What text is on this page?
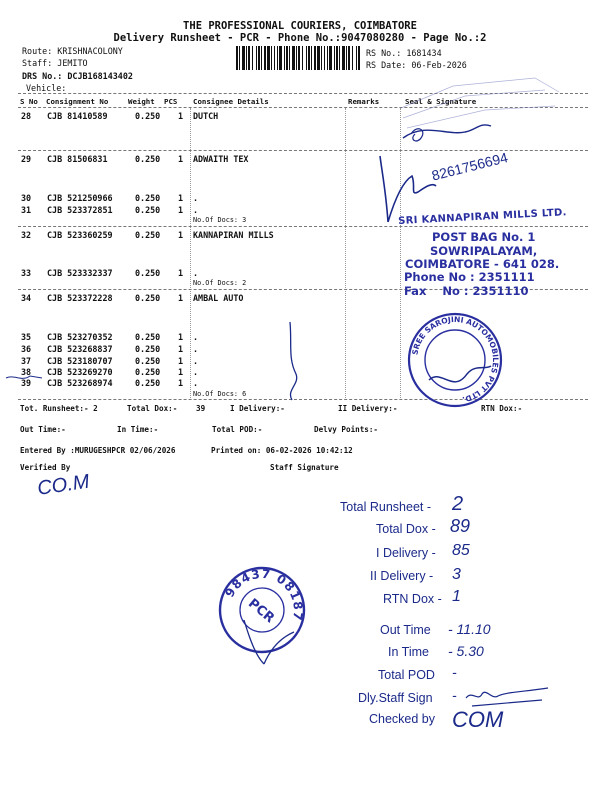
THE PROFESSIONAL COURIERS, COIMBATORE
Delivery Runsheet - PCR - Phone No.:9047080280 - Page No.:2
Route: KRISHNACOLONY
Staff: JEMITO
DRS No.: DCJB168143402
Vehicle:
RS No.: 1681434
RS Date: 06-Feb-2026
S No Consignment No	Weight PCS Consignee Details	Remarks	Seal & Signature
28 CJB 81410589	0.250 1 DUTCH
29 CJB 81506831	0.250 1 ADWAITH TEX
30 CJB 521250966	0.250 1 .
31 CJB 523372851	0.250 1 .
No.Of Docs: 3
32 CJB 523360259	0.250 1 KANNAPIRAN MILLS
33 CJB 523332337	0.250 1 .
No.Of Docs: 2
34 CJB 523372228	0.250 1 AMBAL AUTO
35 CJB 523270352	0.250 1 .
36 CJB 523268837	0.250 1 .
37 CJB 523180707	0.250 1 .
38 CJB 523269270	0.250 1 .
39 CJB 523268974	0.250 1 .
No.Of Docs: 6
Tot. Runsheet:- 2	Total Dox:- 39	I Delivery:-	II Delivery:-	RTN Dox:-
Out Time:-	In Time:-	Total POD:-	Delvy Points:-
Entered By :MURUGESHPCR 02/06/2026	Printed on: 06-02-2026 10:42:12
Verified By	Staff Signature
8261756694
SRI KANNAPIRAN MILLS LTD.
POST BAG No. 1
SOWRIPALAYAM,
COIMBATORE - 641 028.
Phone No : 2351111
Fax    No : 2351110
SREE SAROJINI AUTOMOBILES PVT LTD.
CO.M
Total Runsheet - 2
Total Dox - 89
I Delivery - 85
II Delivery - 3
RTN Dox - 1
Out Time - 11.10
In Time - 5.30
Total POD -
Dly.Staff Sign -
Checked by COM
98437 08187
PCR
